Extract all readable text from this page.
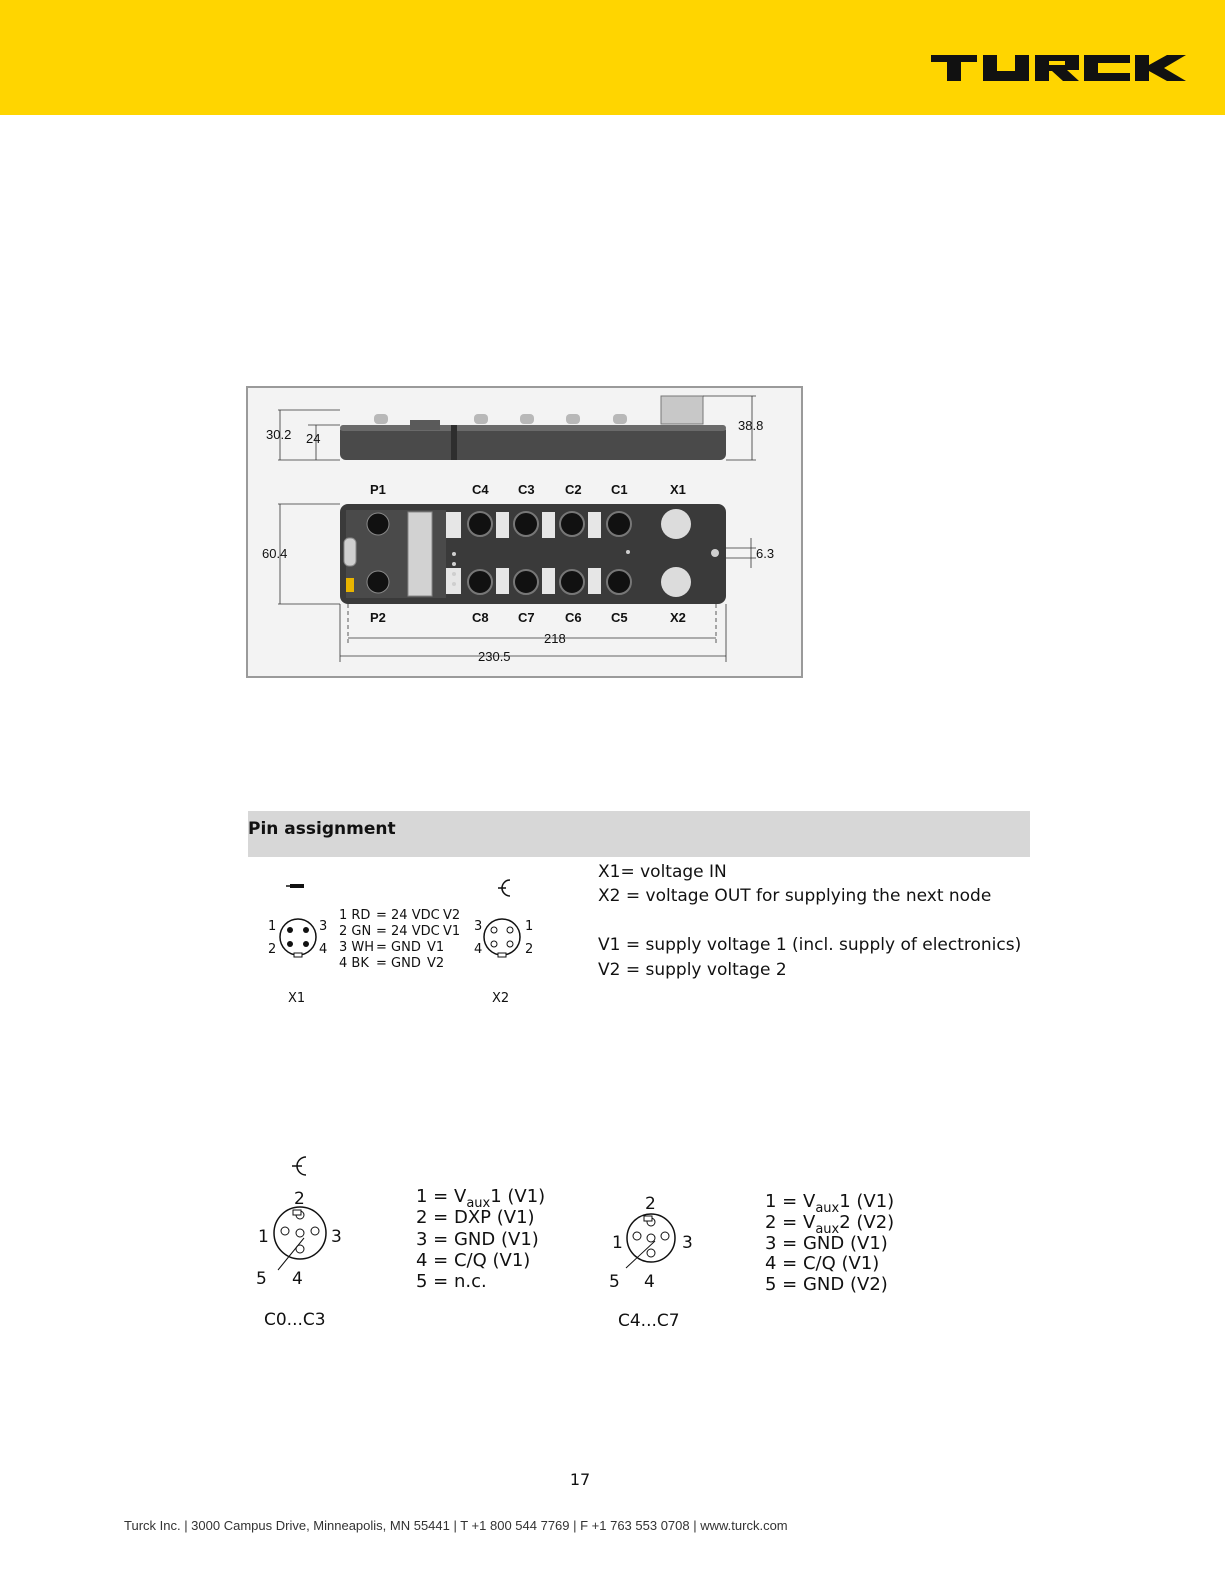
30.2 24
38.8
60.4	6.3
218
230.5
P1	C4 C3 C2 C1	X1
P2	C8 C7 C6 C5	X2
Pin assignment
1	3
2	4
X1
1 RD = 24 VDC V2
2 GN = 24 VDC V1
3 WH = GND V1
4 BK = GND V2
3	1
4	2
X2
2
1	3
5 4
C0...C3
2
1	3
5 4
C4...C7
$1 = V_{aux}1$ (V1)
2 = DXP (V1)
3 = GND (V1)
4 = C/Q (V1)
5 = n.c.
$1 = V_{aux}1$ (V1)
$2 = V_{aux}2$ (V2)
3 = GND (V1)
4 = C/Q (V1)
5 = GND (V2)
X1= voltage IN
X2 = voltage OUT for supplying the next node
V1 = supply voltage 1 (incl. supply of electronics)
V2 = supply voltage 2
17
Turck Inc. | 3000 Campus Drive, Minneapolis, MN 55441 | T +1 800 544 7769 | F +1 763 553 0708 | www.turck.com
